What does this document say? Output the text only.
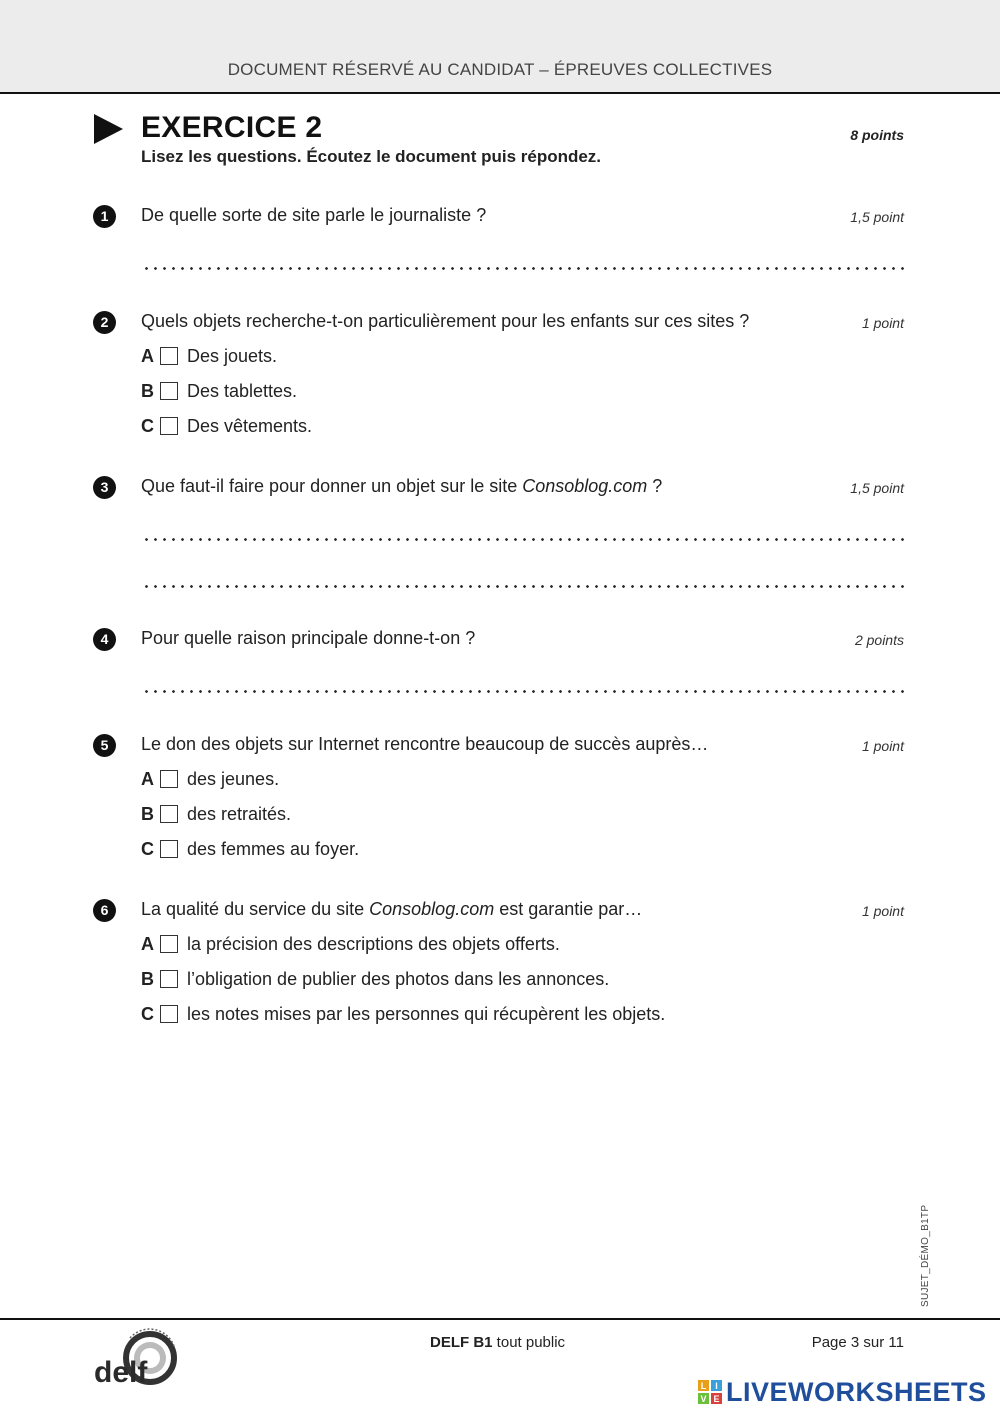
DOCUMENT RÉSERVÉ AU CANDIDAT – ÉPREUVES COLLECTIVES
EXERCICE 2
Lisez les questions. Écoutez le document puis répondez.
8 points
1	De quelle sorte de site parle le journaliste ?	1,5 point
2	Quels objets recherche-t-on particulièrement pour les enfants sur ces sites ?	1 point
A	Des jouets.
B	Des tablettes.
C	Des vêtements.
3	Que faut-il faire pour donner un objet sur le site Consoblog.com ?	1,5 point
4	Pour quelle raison principale donne-t-on ?	2 points
5	Le don des objets sur Internet rencontre beaucoup de succès auprès…	1 point
A	des jeunes.
B	des retraités.
C	des femmes au foyer.
6	La qualité du service du site Consoblog.com est garantie par…	1 point
A	la précision des descriptions des objets offerts.
B	l’obligation de publier des photos dans les annonces.
C	les notes mises par les personnes qui récupèrent les objets.
SUJET_DÉMO_B1TP
delf
DELF B1 tout public	Page 3 sur 11
L I
V E LIVEWORKSHEETS
